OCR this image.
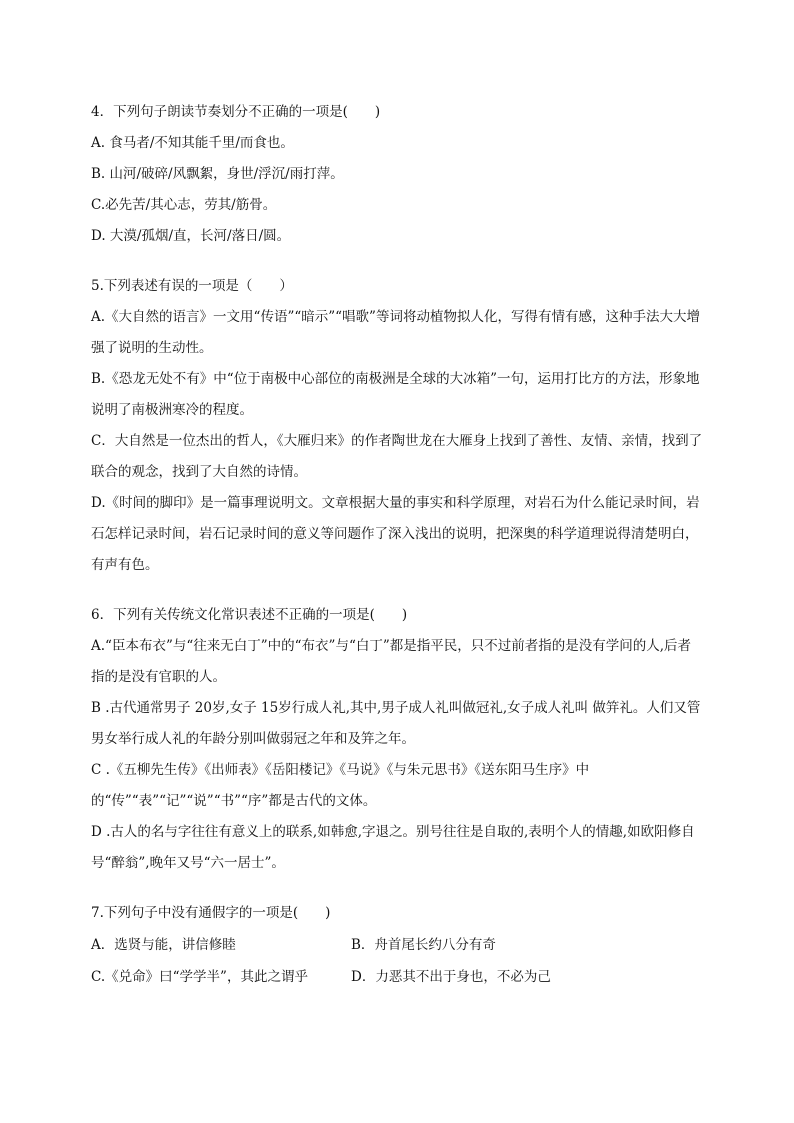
4．下列句子朗读节奏划分不正确的一项是(　　)
A. 食马者/不知其能千里/而食也。
B. 山河/破碎/风飘絮，身世/浮沉/雨打萍。
C.必先苦/其心志，劳其/筋骨。
D. 大漠/孤烟/直，长河/落日/圆。
5.下列表述有误的一项是（　　）
A.《大自然的语言》一文用“传语”“暗示”“唱歌”等词将动植物拟人化，写得有情有感，这种手法大大增强了说明的生动性。
B.《恐龙无处不有》中“位于南极中心部位的南极洲是全球的大冰箱”一句，运用打比方的方法，形象地说明了南极洲寒冷的程度。
C．大自然是一位杰出的哲人，《大雁归来》的作者陶世龙在大雁身上找到了善性、友情、亲情，找到了联合的观念，找到了大自然的诗情。
D.《时间的脚印》是一篇事理说明文。文章根据大量的事实和科学原理，对岩石为什么能记录时间，岩石怎样记录时间，岩石记录时间的意义等问题作了深入浅出的说明，把深奥的科学道理说得清楚明白，有声有色。
6．下列有关传统文化常识表述不正确的一项是(　　)
A.“臣本布衣”与“往来无白丁”中的“布衣”与“白丁”都是指平民，只不过前者指的是没有学问的人,后者指的是没有官职的人。
B .古代通常男子 20岁,女子 15岁行成人礼,其中,男子成人礼叫做冠礼,女子成人礼叫 做笄礼。人们又管男女举行成人礼的年龄分别叫做弱冠之年和及笄之年。
C .《五柳先生传》《出师表》《岳阳楼记》《马说》《与朱元思书》《送东阳马生序》中的“传”“表”“记”“说”“书”“序”都是古代的文体。
D .古人的名与字往往有意义上的联系,如韩愈,字退之。别号往往是自取的,表明个人的情趣,如欧阳修自号“醉翁”,晚年又号“六一居士”。
7.下列句子中没有通假字的一项是(　　)
A．选贤与能，讲信修睦	B．舟首尾长约八分有奇
C.《兑命》曰“学学半”，其此之谓乎	D．力恶其不出于身也，不必为己
